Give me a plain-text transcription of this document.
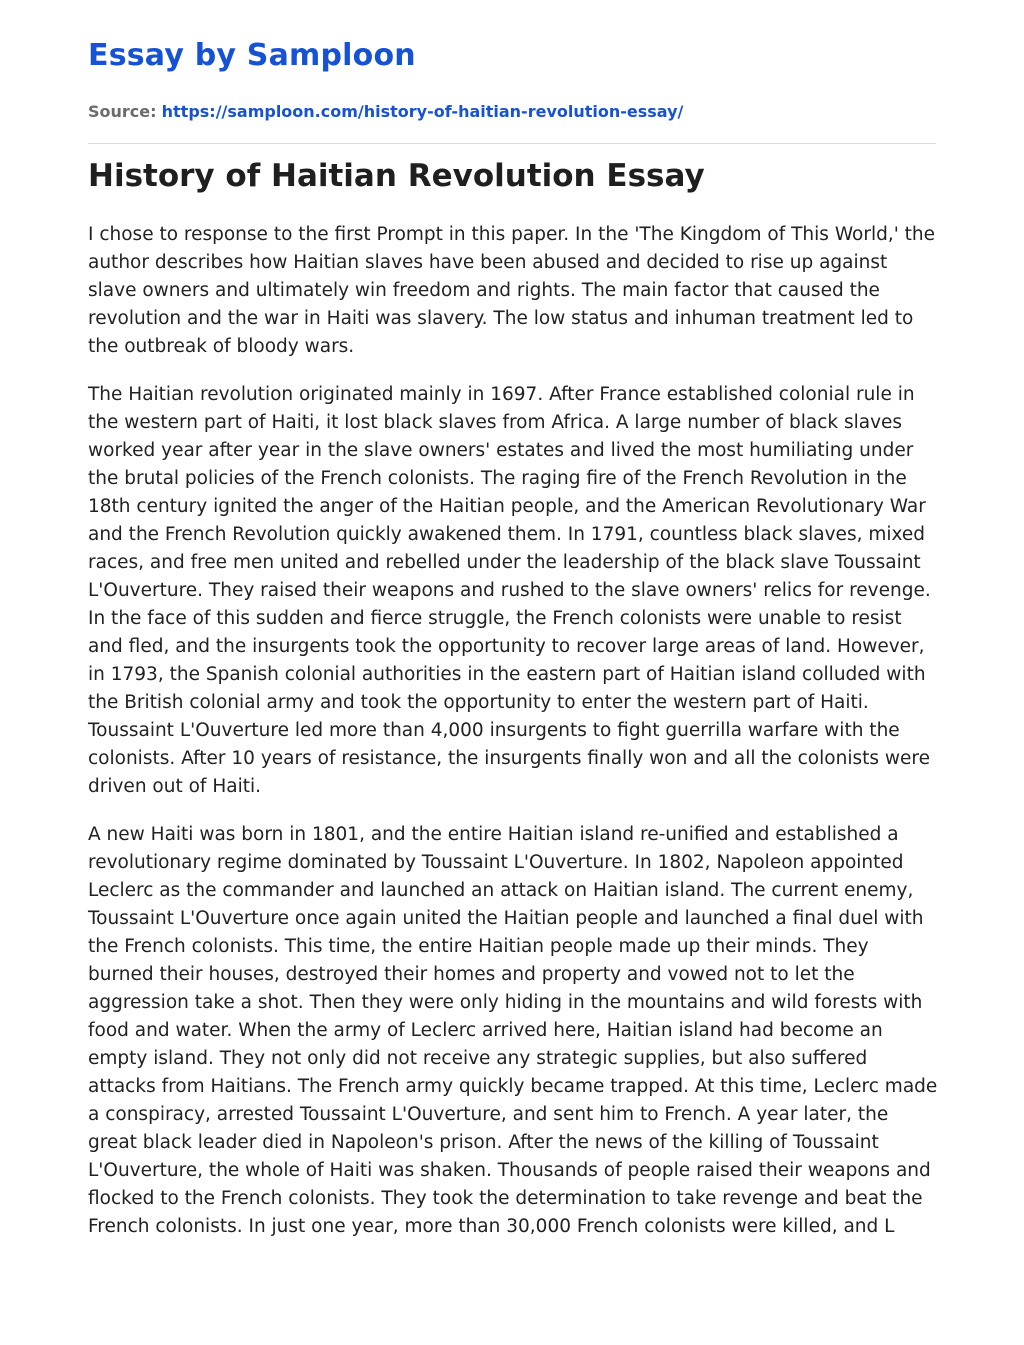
Essay by Samploon
Source: https://samploon.com/history-of-haitian-revolution-essay/
History of Haitian Revolution Essay

I chose to response to the first Prompt in this paper. In the 'The Kingdom of This World,' the author describes how Haitian slaves have been abused and decided to rise up against slave owners and ultimately win freedom and rights. The main factor that caused the revolution and the war in Haiti was slavery. The low status and inhuman treatment led to the outbreak of bloody wars.

The Haitian revolution originated mainly in 1697. After France established colonial rule in the western part of Haiti, it lost black slaves from Africa. A large number of black slaves worked year after year in the slave owners' estates and lived the most humiliating under the brutal policies of the French colonists. The raging fire of the French Revolution in the 18th century ignited the anger of the Haitian people, and the American Revolutionary War and the French Revolution quickly awakened them. In 1791, countless black slaves, mixed races, and free men united and rebelled under the leadership of the black slave Toussaint L'Ouverture. They raised their weapons and rushed to the slave owners' relics for revenge. In the face of this sudden and fierce struggle, the French colonists were unable to resist and fled, and the insurgents took the opportunity to recover large areas of land. However, in 1793, the Spanish colonial authorities in the eastern part of Haitian island colluded with the British colonial army and took the opportunity to enter the western part of Haiti. Toussaint L'Ouverture led more than 4,000 insurgents to fight guerrilla warfare with the colonists. After 10 years of resistance, the insurgents finally won and all the colonists were driven out of Haiti.

A new Haiti was born in 1801, and the entire Haitian island re-unified and established a revolutionary regime dominated by Toussaint L'Ouverture. In 1802, Napoleon appointed Leclerc as the commander and launched an attack on Haitian island. The current enemy, Toussaint L'Ouverture once again united the Haitian people and launched a final duel with the French colonists. This time, the entire Haitian people made up their minds. They burned their houses, destroyed their homes and property and vowed not to let the aggression take a shot. Then they were only hiding in the mountains and wild forests with food and water. When the army of Leclerc arrived here, Haitian island had become an empty island. They not only did not receive any strategic supplies, but also suffered attacks from Haitians. The French army quickly became trapped. At this time, Leclerc made a conspiracy, arrested Toussaint L'Ouverture, and sent him to French. A year later, the great black leader died in Napoleon's prison. After the news of the killing of Toussaint L'Ouverture, the whole of Haiti was shaken. Thousands of people raised their weapons and flocked to the French colonists. They took the determination to take revenge and beat the French colonists. In just one year, more than 30,000 French colonists were killed, and L
